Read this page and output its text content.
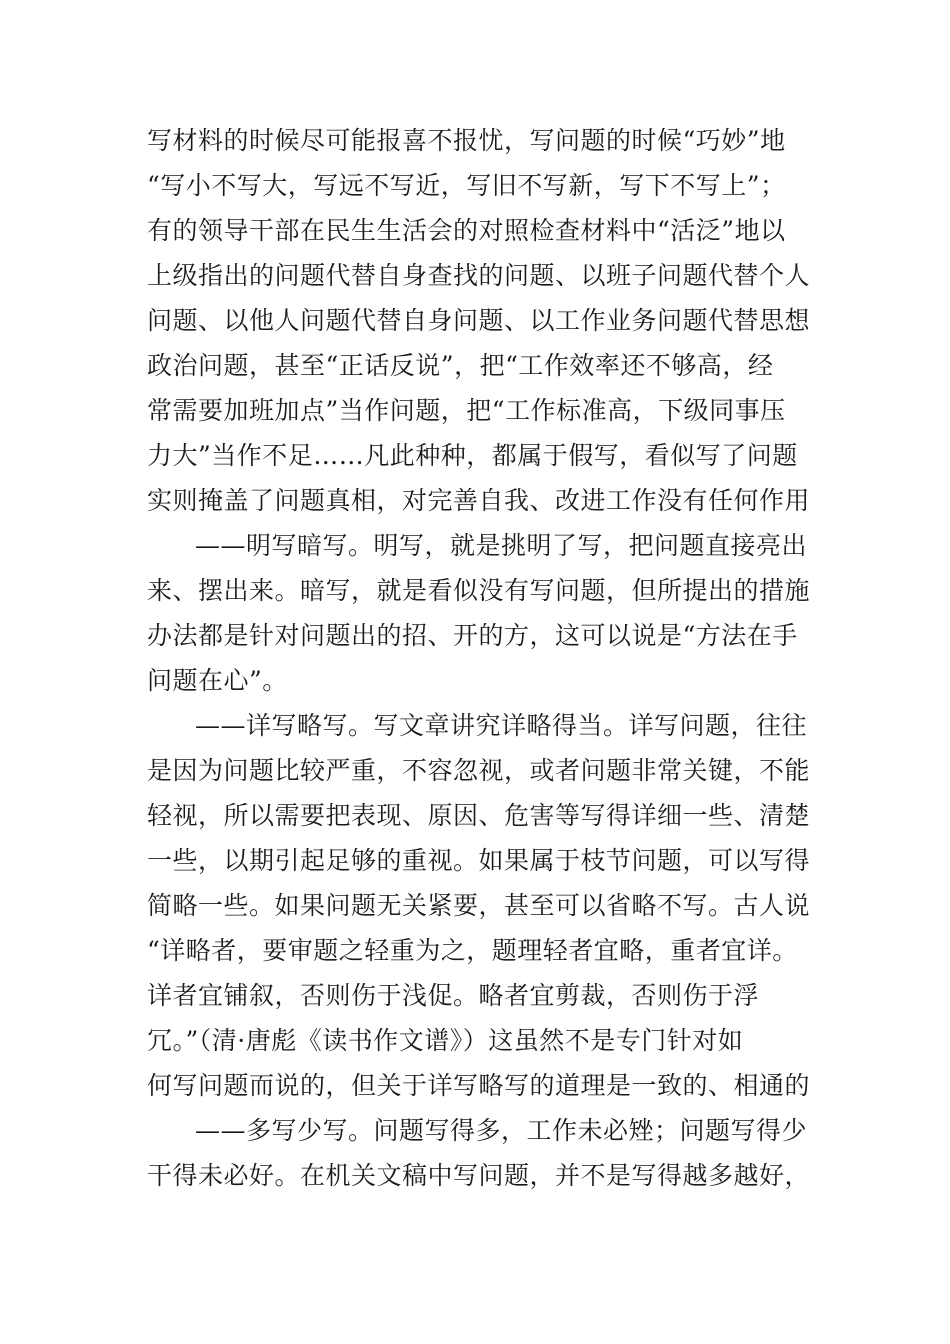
写材料的时候尽可能报喜不报忧，写问题的时候“巧妙”地
“写小不写大，写远不写近，写旧不写新，写下不写上”；
有的领导干部在民生生活会的对照检查材料中“活泛”地以
上级指出的问题代替自身查找的问题、以班子问题代替个人
问题、以他人问题代替自身问题、以工作业务问题代替思想
政治问题，甚至“正话反说”，把“工作效率还不够高，经
常需要加班加点”当作问题，把“工作标准高，下级同事压
力大”当作不足……凡此种种，都属于假写，看似写了问题
实则掩盖了问题真相，对完善自我、改进工作没有任何作用
——明写暗写。明写，就是挑明了写，把问题直接亮出
来、摆出来。暗写，就是看似没有写问题，但所提出的措施
办法都是针对问题出的招、开的方，这可以说是“方法在手
问题在心”。
——详写略写。写文章讲究详略得当。详写问题，往往
是因为问题比较严重，不容忽视，或者问题非常关键，不能
轻视，所以需要把表现、原因、危害等写得详细一些、清楚
一些，以期引起足够的重视。如果属于枝节问题，可以写得
简略一些。如果问题无关紧要，甚至可以省略不写。古人说
“详略者，要审题之轻重为之，题理轻者宜略，重者宜详。
详者宜铺叙，否则伤于浅促。略者宜剪裁，否则伤于浮
冗。”（清·唐彪《读书作文谱》）这虽然不是专门针对如
何写问题而说的，但关于详写略写的道理是一致的、相通的
——多写少写。问题写得多，工作未必矬；问题写得少
干得未必好。在机关文稿中写问题，并不是写得越多越好，
